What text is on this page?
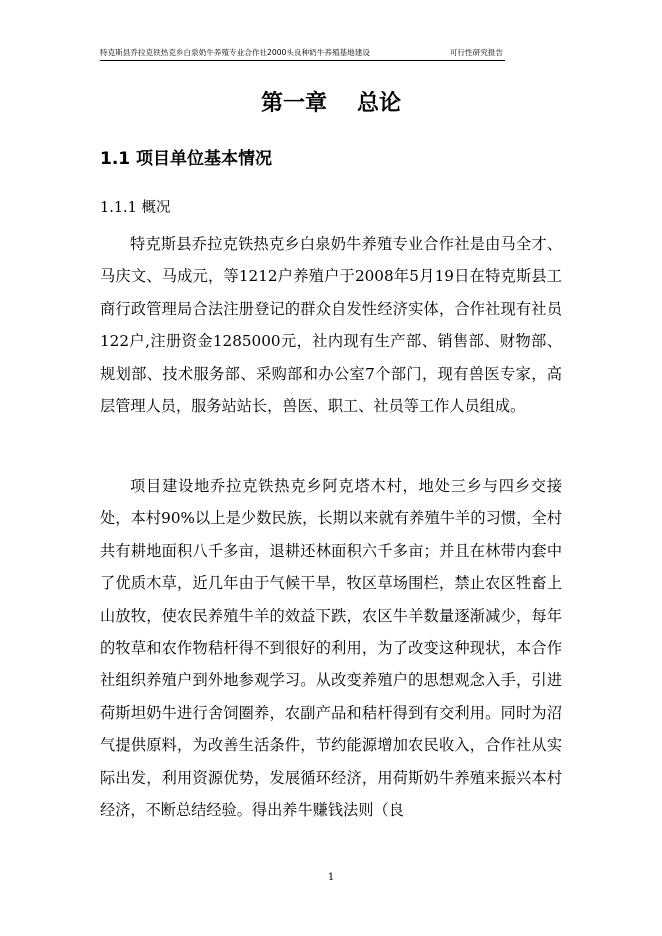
特克斯县乔拉克铁热克乡白泉奶牛养殖专业合作社2000头良种奶牛养殖基地建设	可行性研究报告
第一章 总论
1.1 项目单位基本情况
1.1.1 概况

特克斯县乔拉克铁热克乡白泉奶牛养殖专业合作社是由马全才、马庆文、马成元，等1212户养殖户于2008年5月19日在特克斯县工商行政管理局合法注册登记的群众自发性经济实体，合作社现有社员122户,注册资金1285000元，社内现有生产部、销售部、财物部、规划部、技术服务部、采购部和办公室7个部门，现有兽医专家，高层管理人员，服务站站长，兽医、职工、社员等工作人员组成。

项目建设地乔拉克铁热克乡阿克塔木村，地处三乡与四乡交接处，本村90%以上是少数民族，长期以来就有养殖牛羊的习惯，全村共有耕地面积八千多亩，退耕还林面积六千多亩；并且在林带内套中了优质木草，近几年由于气候干旱，牧区草场围栏，禁止农区牲畜上山放牧，使农民养殖牛羊的效益下跌，农区牛羊数量逐渐减少，每年的牧草和农作物秸杆得不到很好的利用，为了改变这种现状，本合作社组织养殖户到外地参观学习。从改变养殖户的思想观念入手，引进荷斯坦奶牛进行舍饲圈养，农副产品和秸杆得到有交利用。同时为沼气提供原料，为改善生活条件，节约能源增加农民收入，合作社从实际出发，利用资源优势，发展循环经济，用荷斯奶牛养殖来振兴本村经济，不断总结经验。得出养牛赚钱法则（良

1
